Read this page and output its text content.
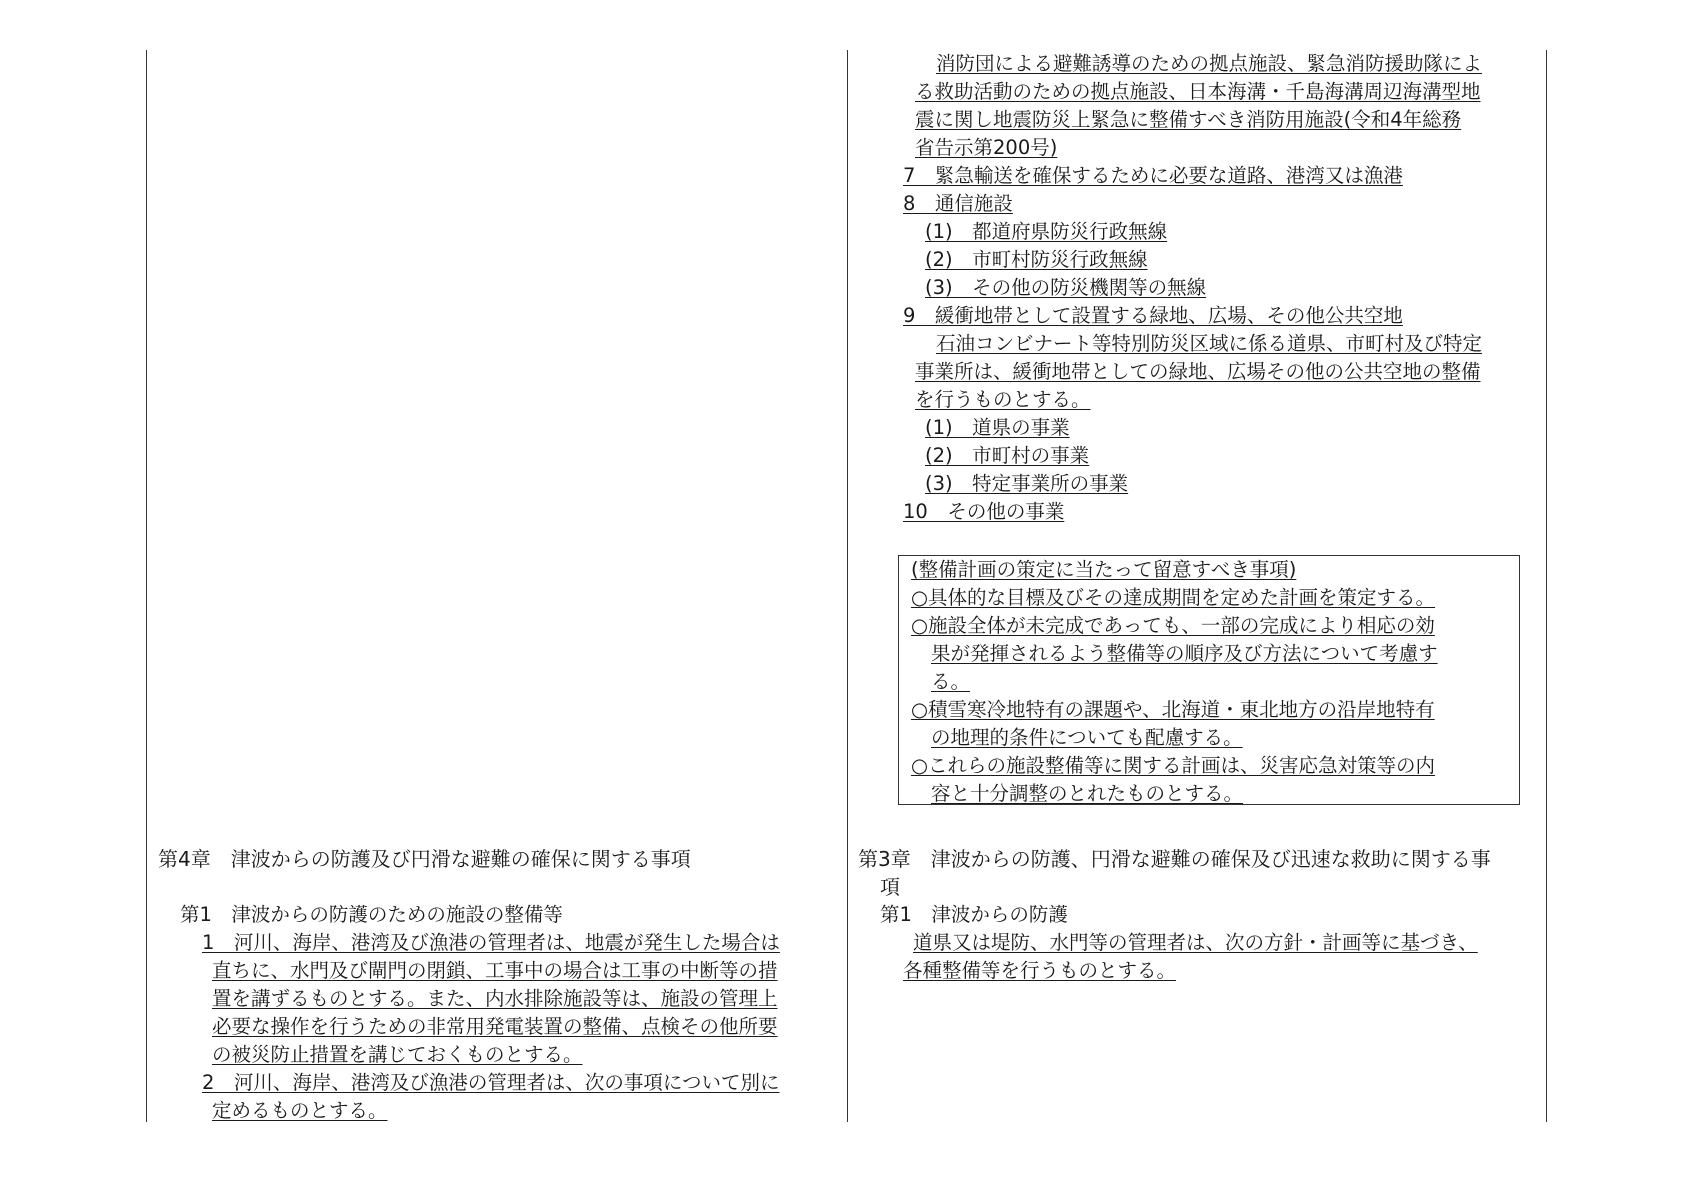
消防団による避難誘導のための拠点施設、緊急消防援助隊によ

る救助活動のための拠点施設、日本海溝・千島海溝周辺海溝型地

震に関し地震防災上緊急に整備すべき消防用施設(令和4年総務

省告示第200号)

7　緊急輸送を確保するために必要な道路、港湾又は漁港

8　通信施設

(1)　都道府県防災行政無線

(2)　市町村防災行政無線

(3)　その他の防災機関等の無線

9　緩衝地帯として設置する緑地、広場、その他公共空地

石油コンビナート等特別防災区域に係る道県、市町村及び特定

事業所は、緩衝地帯としての緑地、広場その他の公共空地の整備

を行うものとする。

(1)　道県の事業

(2)　市町村の事業

(3)　特定事業所の事業

10　その他の事業

(整備計画の策定に当たって留意すべき事項)

○具体的な目標及びその達成期間を定めた計画を策定する。

○施設全体が未完成であっても、一部の完成により相応の効

果が発揮されるよう整備等の順序及び方法について考慮す

る。

○積雪寒冷地特有の課題や、北海道・東北地方の沿岸地特有

の地理的条件についても配慮する。

○これらの施設整備等に関する計画は、災害応急対策等の内

容と十分調整のとれたものとする。

第4章　津波からの防護及び円滑な避難の確保に関する事項

第1　津波からの防護のための施設の整備等

1　河川、海岸、港湾及び漁港の管理者は、地震が発生した場合は

直ちに、水門及び閘門の閉鎖、工事中の場合は工事の中断等の措

置を講ずるものとする。また、内水排除施設等は、施設の管理上

必要な操作を行うための非常用発電装置の整備、点検その他所要

の被災防止措置を講じておくものとする。

2　河川、海岸、港湾及び漁港の管理者は、次の事項について別に

定めるものとする。

第3章　津波からの防護、円滑な避難の確保及び迅速な救助に関する事

項

第1　津波からの防護

道県又は堤防、水門等の管理者は、次の方針・計画等に基づき、

各種整備等を行うものとする。
